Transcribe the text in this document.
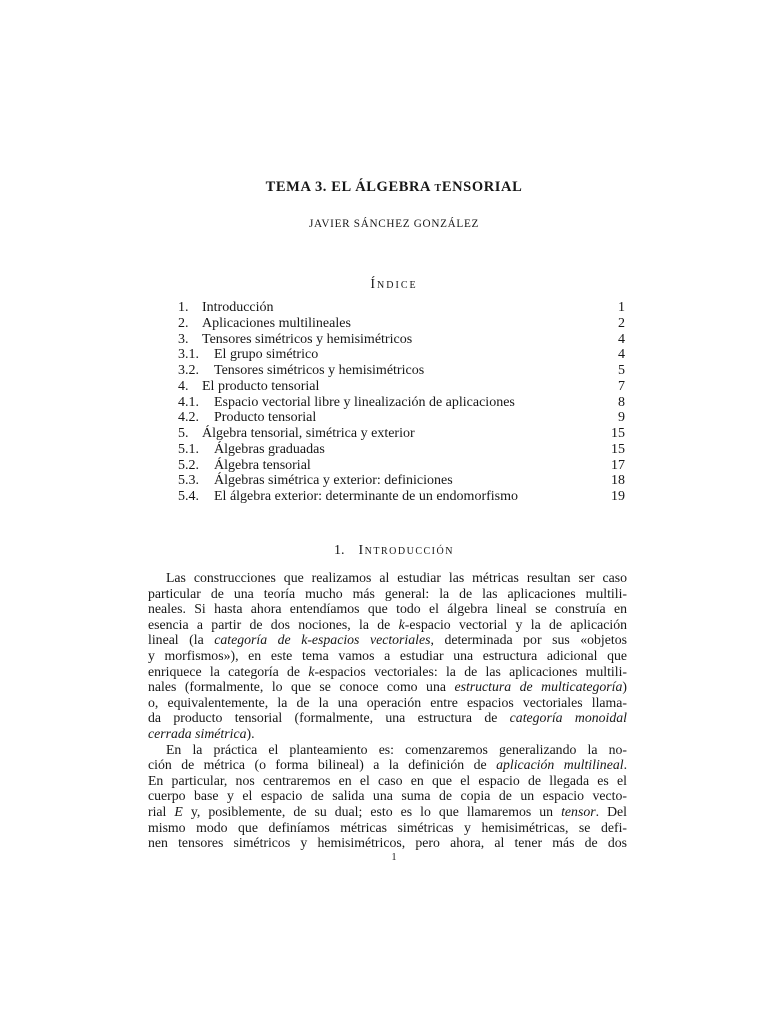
TEMA 3. EL ÁLGEBRA tENSORIAL
JAVIER SÁNCHEZ GONZÁLEZ
Índice
1. Introducción	1
2. Aplicaciones multilineales	2
3. Tensores simétricos y hemisimétricos	4
3.1. El grupo simétrico	4
3.2. Tensores simétricos y hemisimétricos	5
4. El producto tensorial	7
4.1. Espacio vectorial libre y linealización de aplicaciones	8
4.2. Producto tensorial	9
5. Álgebra tensorial, simétrica y exterior	15
5.1. Álgebras graduadas	15
5.2. Álgebra tensorial	17
5.3. Álgebras simétrica y exterior: definiciones	18
5.4. El álgebra exterior: determinante de un endomorfismo	19
1. Introducción
Las construcciones que realizamos al estudiar las métricas resultan ser caso
particular de una teoría mucho más general: la de las aplicaciones multili-
neales. Si hasta ahora entendíamos que todo el álgebra lineal se construía en
esencia a partir de dos nociones, la de k-espacio vectorial y la de aplicación
lineal (la categoría de k-espacios vectoriales, determinada por sus «objetos
y morfismos»), en este tema vamos a estudiar una estructura adicional que
enriquece la categoría de k-espacios vectoriales: la de las aplicaciones multili-
nales (formalmente, lo que se conoce como una estructura de multicategoría)
o, equivalentemente, la de la una operación entre espacios vectoriales llama-
da producto tensorial (formalmente, una estructura de categoría monoidal
cerrada simétrica).
En la práctica el planteamiento es: comenzaremos generalizando la no-
ción de métrica (o forma bilineal) a la definición de aplicación multilineal.
En particular, nos centraremos en el caso en que el espacio de llegada es el
cuerpo base y el espacio de salida una suma de copia de un espacio vecto-
rial E y, posiblemente, de su dual; esto es lo que llamaremos un tensor. Del
mismo modo que definíamos métricas simétricas y hemisimétricas, se defi-
nen tensores simétricos y hemisimétricos, pero ahora, al tener más de dos
1
